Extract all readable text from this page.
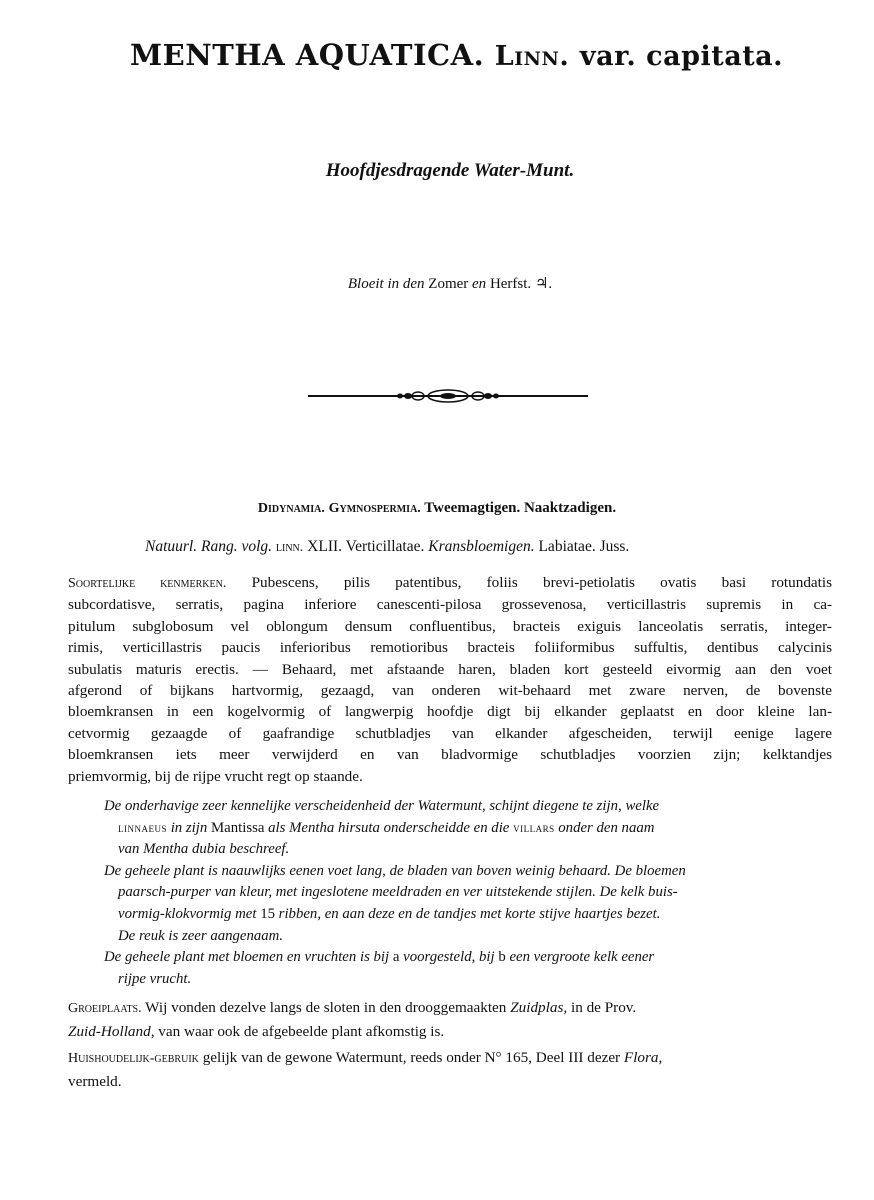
MENTHA AQUATICA. Linn. var. capitata.
Hoofdjesdragende Water-Munt.
Bloeit in den Zomer en Herfst. ♃.
Didynamia. Gymnospermia. Tweemagtigen. Naaktzadigen.
Natuurl. Rang. volg. linn. XLII. Verticillatae. Kransbloemigen. Labiatae. Juss.
Soortelijke kenmerken. Pubescens, pilis patentibus, foliis brevi-petiolatis ovatis basi rotundatis
subcordatisve, serratis, pagina inferiore canescenti-pilosa grossevenosa, verticillastris supremis in ca-
pitulum subglobosum vel oblongum densum confluentibus, bracteis exiguis lanceolatis serratis, integer-
rimis, verticillastris paucis inferioribus remotioribus bracteis foliiformibus suffultis, dentibus calycinis
subulatis maturis erectis. — Behaard, met afstaande haren, bladen kort gesteeld eivormig aan den voet
afgerond of bijkans hartvormig, gezaagd, van onderen wit-behaard met zware nerven, de bovenste
bloemkransen in een kogelvormig of langwerpig hoofdje digt bij elkander geplaatst en door kleine lan-
cetvormig gezaagde of gaafrandige schutbladjes van elkander afgescheiden, terwijl eenige lagere
bloemkransen iets meer verwijderd en van bladvormige schutbladjes voorzien zijn; kelktandjes
priemvormig, bij de rijpe vrucht regt op staande.
De onderhavige zeer kennelijke verscheidenheid der Watermunt, schijnt diegene te zijn, welke
linnaeus in zijn Mantissa als Mentha hirsuta onderscheidde en die villars onder den naam
van Mentha dubia beschreef.
De geheele plant is naauwlijks eenen voet lang, de bladen van boven weinig behaard. De bloemen
paarsch-purper van kleur, met ingeslotene meeldraden en ver uitstekende stijlen. De kelk buis-
vormig-klokvormig met 15 ribben, en aan deze en de tandjes met korte stijve haartjes bezet.
De reuk is zeer aangenaam.
De geheele plant met bloemen en vruchten is bij a voorgesteld, bij b een vergroote kelk eener
rijpe vrucht.
Groeiplaats. Wij vonden dezelve langs de sloten in den drooggemaakten Zuidplas, in de Prov.
Zuid-Holland, van waar ook de afgebeelde plant afkomstig is.
Huishoudelijk-gebruik gelijk van de gewone Watermunt, reeds onder N° 165, Deel III dezer Flora,
vermeld.
